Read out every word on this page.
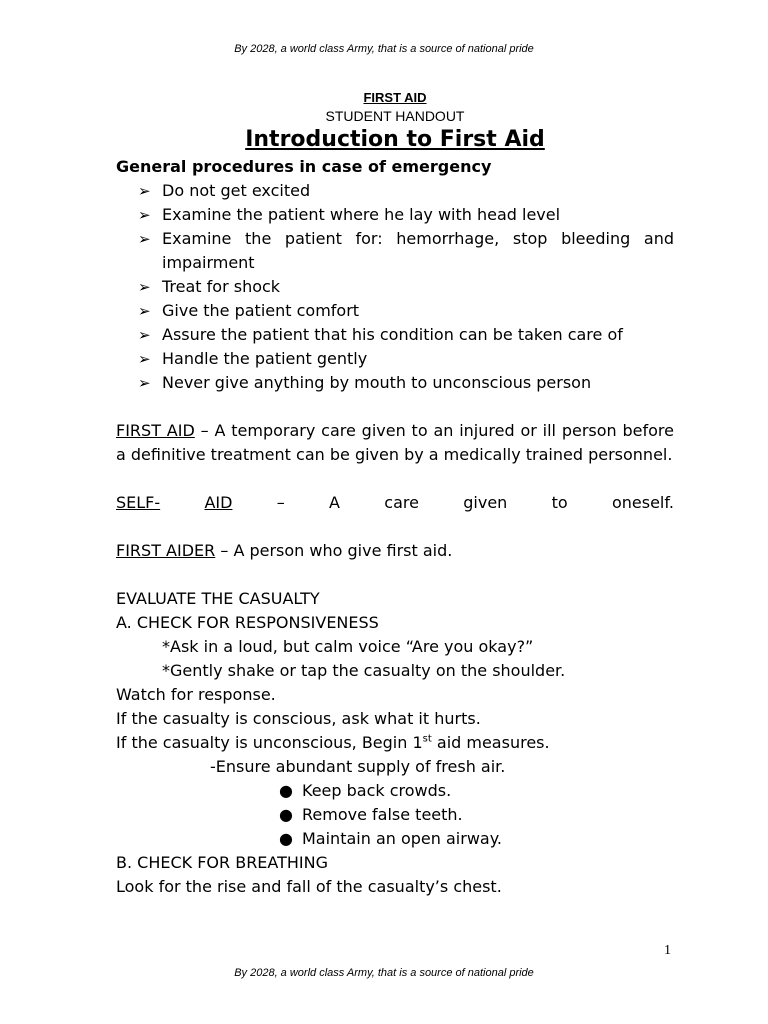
By 2028, a world class Army, that is a source of national pride
FIRST AID
STUDENT HANDOUT
Introduction to First Aid
General procedures in case of emergency
➢ Do not get excited
➢ Examine the patient where he lay with head level
➢ Examine the patient for: hemorrhage, stop bleeding and impairment
➢ Treat for shock
➢ Give the patient comfort
➢ Assure the patient that his condition can be taken care of
➢ Handle the patient gently
➢ Never give anything by mouth to unconscious person
FIRST AID – A temporary care given to an injured or ill person before a definitive treatment can be given by a medically trained personnel.
SELF-	AID	–	A	care	given	to	oneself.
FIRST AIDER – A person who give first aid.
EVALUATE THE CASUALTY
A. CHECK FOR RESPONSIVENESS
*Ask in a loud, but calm voice “Are you okay?”
*Gently shake or tap the casualty on the shoulder.
Watch for response.
If the casualty is conscious, ask what it hurts.
If the casualty is unconscious, Begin 1st aid measures.
-Ensure abundant supply of fresh air.
● Keep back crowds.
● Remove false teeth.
● Maintain an open airway.
B. CHECK FOR BREATHING
Look for the rise and fall of the casualty’s chest.
1
By 2028, a world class Army, that is a source of national pride
